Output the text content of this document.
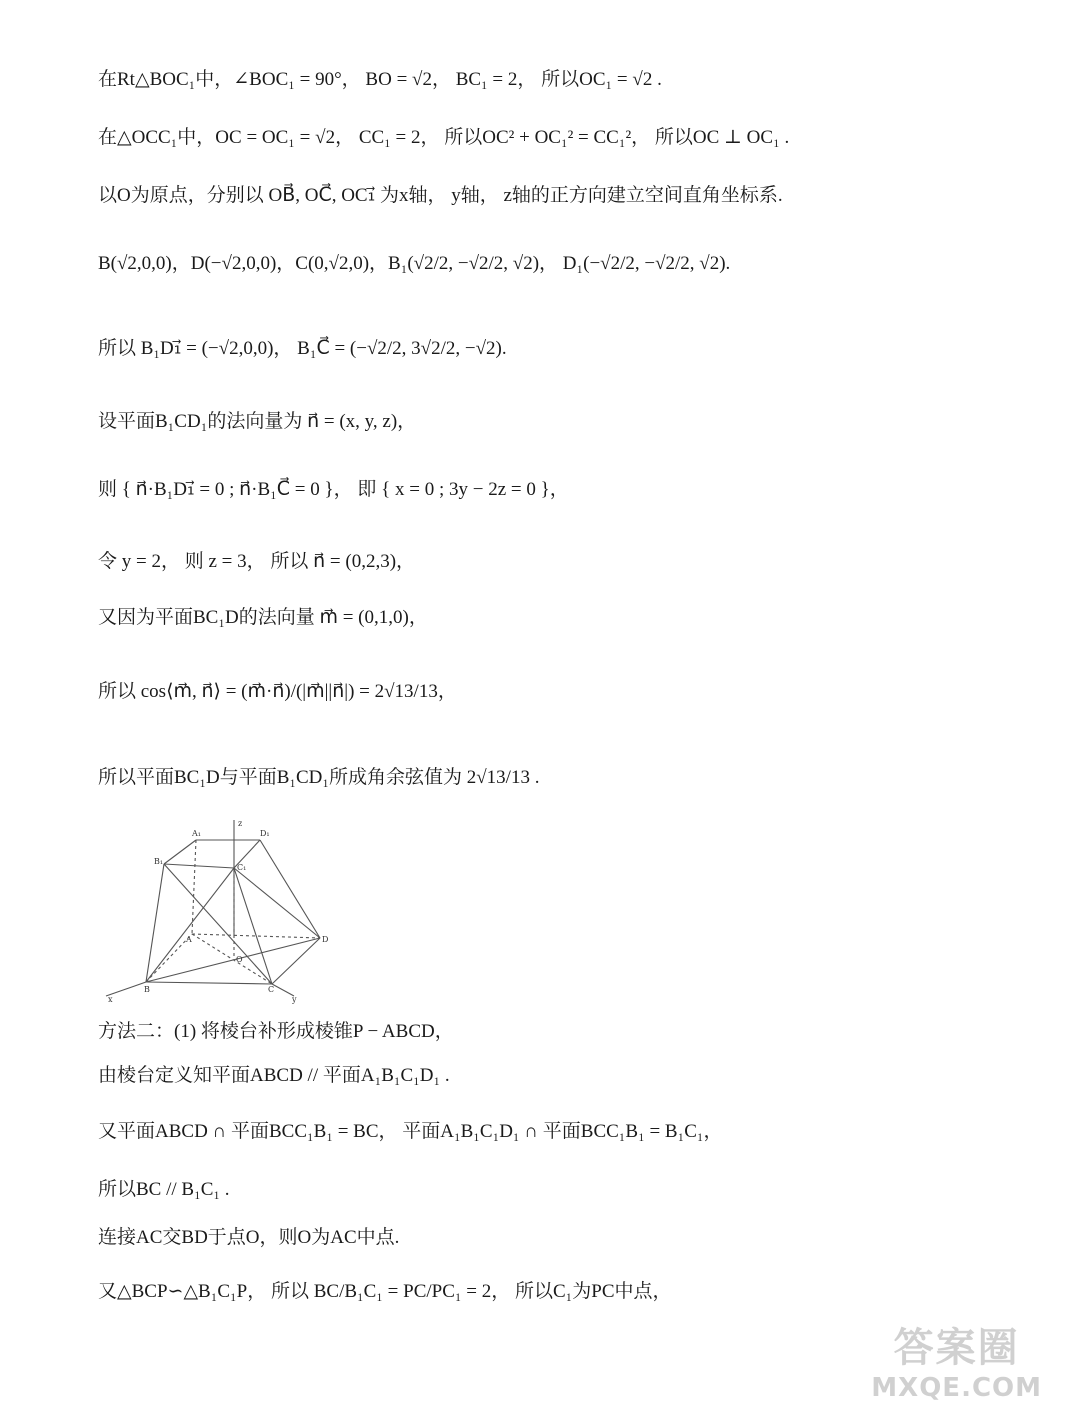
在Rt△BOC₁中，∠BOC₁ = 90°， BO = √2， BC₁ = 2， 所以OC₁ = √2 .
在△OCC₁中，OC = OC₁ = √2， CC₁ = 2， 所以OC² + OC₁² = CC₁²， 所以OC ⊥ OC₁ .
以O为原点，分别以 OB⃗, OC⃗, OC₁⃗ 为x轴， y轴， z轴的正方向建立空间直角坐标系.
B(√2,0,0)，D(−√2,0,0)，C(0,√2,0)，B₁(√2/2, −√2/2, √2)， D₁(−√2/2, −√2/2, √2).
所以 B₁D₁⃗ = (−√2,0,0)， B₁C⃗ = (−√2/2, 3√2/2, −√2).
设平面B₁CD₁的法向量为 n⃗ = (x, y, z)，
则 { n⃗·B₁D₁⃗ = 0 ; n⃗·B₁C⃗ = 0 }， 即 { x = 0 ; 3y − 2z = 0 }，
令 y = 2， 则 z = 3， 所以 n⃗ = (0,2,3)，
又因为平面BC₁D的法向量 m⃗ = (0,1,0)，
所以 cos⟨m⃗, n⃗⟩ = (m⃗·n⃗)/(|m⃗||n⃗|) = 2√13/13，
所以平面BC₁D与平面B₁CD₁所成角余弦值为 2√13/13 .
A₁	D₁
B₁
C₁
A
B	C
D
O
x	y
z
方法二：(1) 将棱台补形成棱锥P − ABCD，
由棱台定义知平面ABCD // 平面A₁B₁C₁D₁ .
又平面ABCD ∩ 平面BCC₁B₁ = BC， 平面A₁B₁C₁D₁ ∩ 平面BCC₁B₁ = B₁C₁，
所以BC // B₁C₁ .
连接AC交BD于点O，则O为AC中点.
又△BCP∽△B₁C₁P， 所以 BC/B₁C₁ = PC/PC₁ = 2， 所以C₁为PC中点，
答案圈
MXQE.COM
